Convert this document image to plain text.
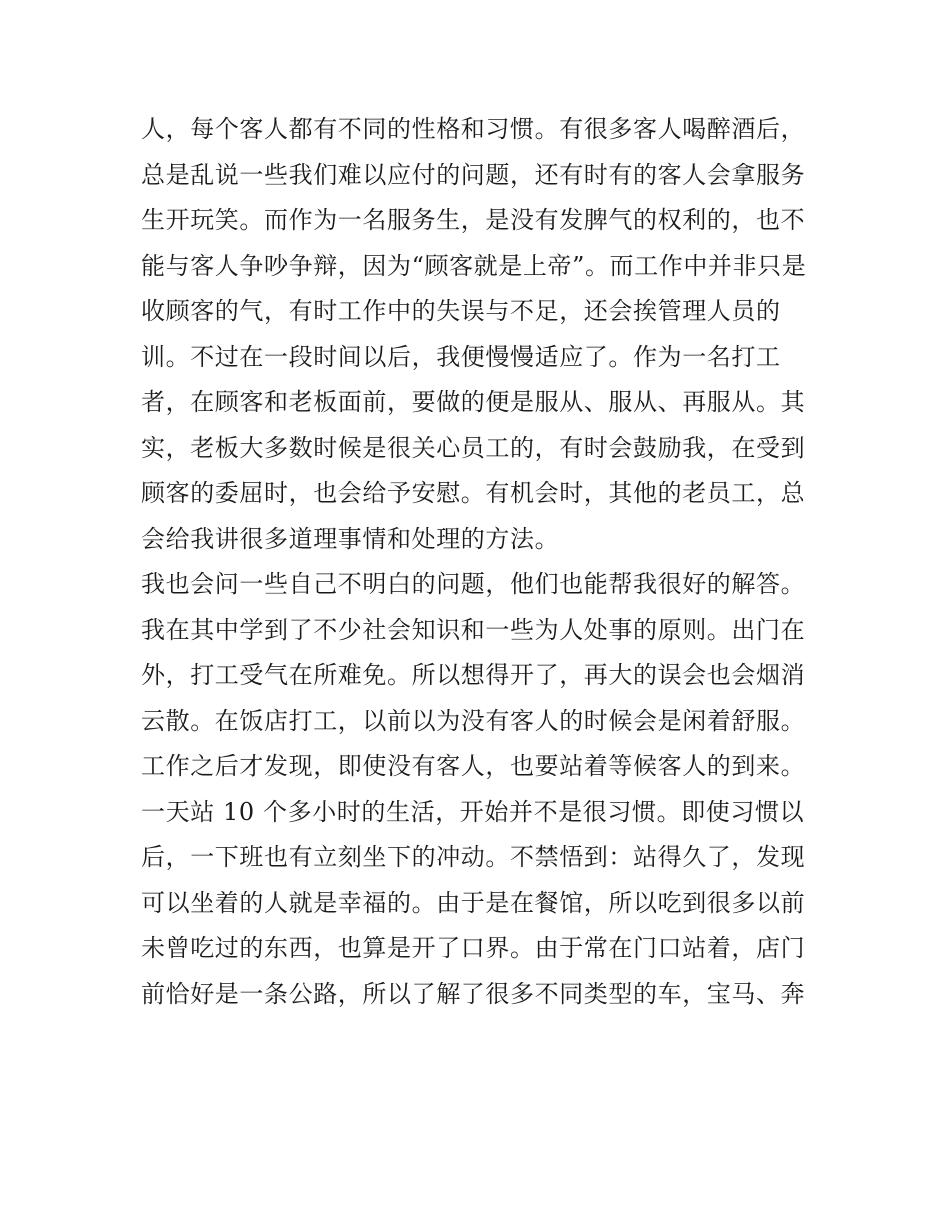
人，每个客人都有不同的性格和习惯。有很多客人喝醉酒后，
总是乱说一些我们难以应付的问题，还有时有的客人会拿服务
生开玩笑。而作为一名服务生，是没有发脾气的权利的，也不
能与客人争吵争辩，因为“顾客就是上帝”。而工作中并非只是
收顾客的气，有时工作中的失误与不足，还会挨管理人员的
训。不过在一段时间以后，我便慢慢适应了。作为一名打工
者，在顾客和老板面前，要做的便是服从、服从、再服从。其
实，老板大多数时候是很关心员工的，有时会鼓励我，在受到
顾客的委屈时，也会给予安慰。有机会时，其他的老员工，总
会给我讲很多道理事情和处理的方法。
我也会问一些自己不明白的问题，他们也能帮我很好的解答。
我在其中学到了不少社会知识和一些为人处事的原则。出门在
外，打工受气在所难免。所以想得开了，再大的误会也会烟消
云散。在饭店打工，以前以为没有客人的时候会是闲着舒服。
工作之后才发现，即使没有客人，也要站着等候客人的到来。
一天站 10 个多小时的生活，开始并不是很习惯。即使习惯以
后，一下班也有立刻坐下的冲动。不禁悟到：站得久了，发现
可以坐着的人就是幸福的。由于是在餐馆，所以吃到很多以前
未曾吃过的东西，也算是开了口界。由于常在门口站着，店门
前恰好是一条公路，所以了解了很多不同类型的车，宝马、奔
